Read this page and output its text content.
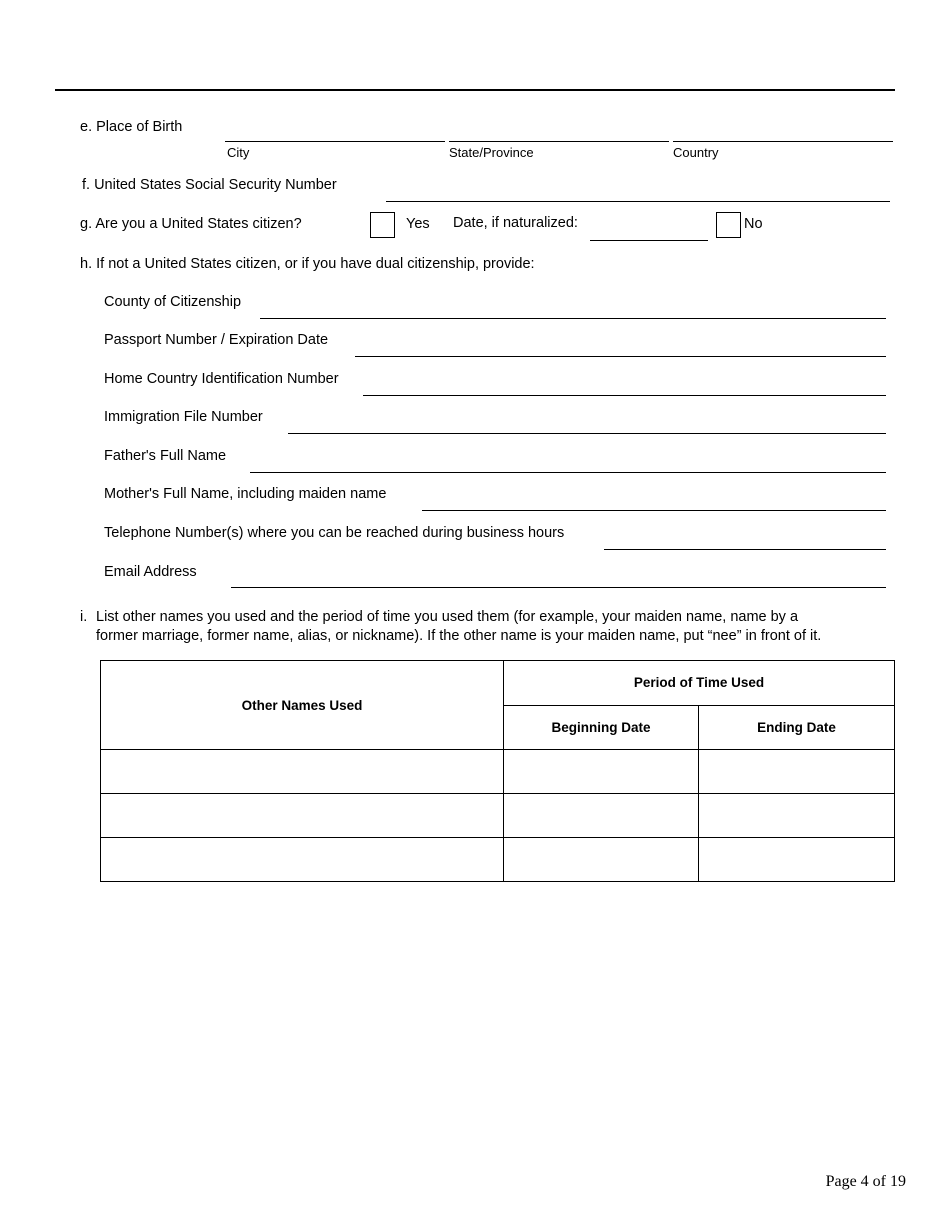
e. Place of Birth
City	State/Province	Country
f. United States Social Security Number
g. Are you a United States citizen?	Yes Date, if naturalized:	No
h. If not a United States citizen, or if you have dual citizenship, provide:
County of Citizenship
Passport Number / Expiration Date
Home Country Identification Number
Immigration File Number
Father's Full Name
Mother's Full Name, including maiden name
Telephone Number(s) where you can be reached during business hours
Email Address
i. List other names you used and the period of time you used them (for example, your maiden name, name by a
former marriage, former name, alias, or nickname). If the other name is your maiden name, put “nee” in front of it.
Other Names Used	Period of Time Used	
	Beginning Date	Ending Date

Page 4 of 19
